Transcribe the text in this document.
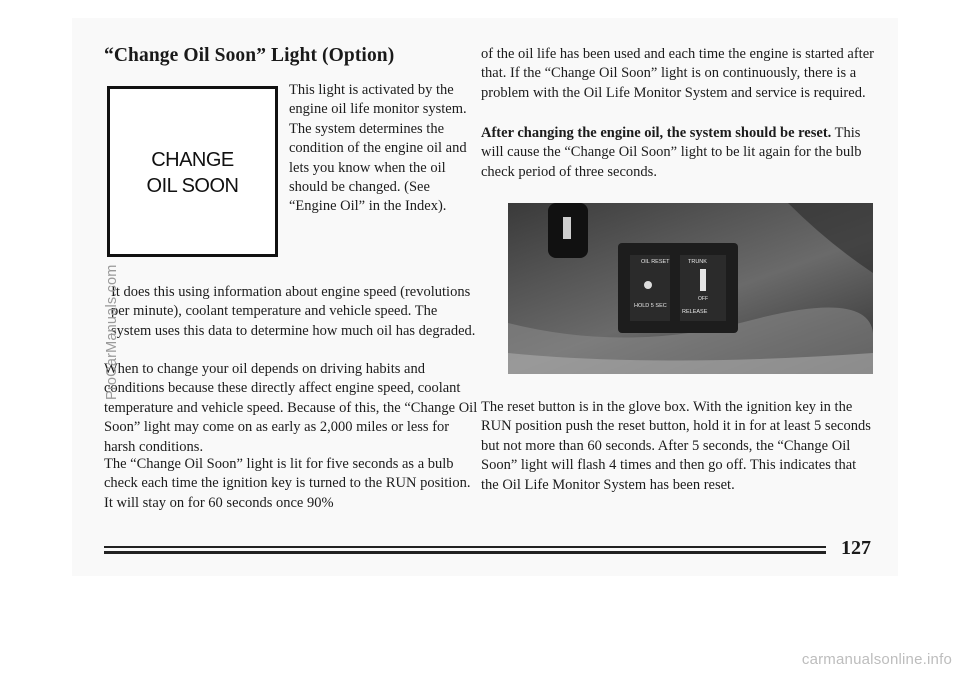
“Change Oil Soon” Light (Option)
CHANGE
OIL SOON

This light is activated by the engine oil life monitor system. The system determines the condition of the engine oil and lets you know when the oil should be changed. (See “Engine Oil” in the Index).

It does this using information about engine speed (revolutions per minute), coolant temperature and vehicle speed. The system uses this data to determine how much oil has degraded.

When to change your oil depends on driving habits and conditions because these directly affect engine speed, coolant temperature and vehicle speed. Because of this, the “Change Oil Soon” light may come on as early as 2,000 miles or less for harsh conditions.

The “Change Oil Soon” light is lit for five seconds as a bulb check each time the ignition key is turned to the RUN position. It will stay on for 60 seconds once 90%

of the oil life has been used and each time the engine is started after that. If the “Change Oil Soon” light is on continuously, there is a problem with the Oil Life Monitor System and service is required.

After changing the engine oil, the system should be reset. This will cause the “Change Oil Soon” light to be lit again for the bulb check period of three seconds.

OIL RESET	TRUNK
HOLD 5 SEC
OFF
RELEASE

The reset button is in the glove box. With the ignition key in the RUN position push the reset button, hold it in for at least 5 seconds but not more than 60 seconds. After 5 seconds, the “Change Oil Soon” light will flash 4 times and then go off. This indicates that the Oil Life Monitor System has been reset.

127

ProCarManuals.com
carmanualsonline.info
